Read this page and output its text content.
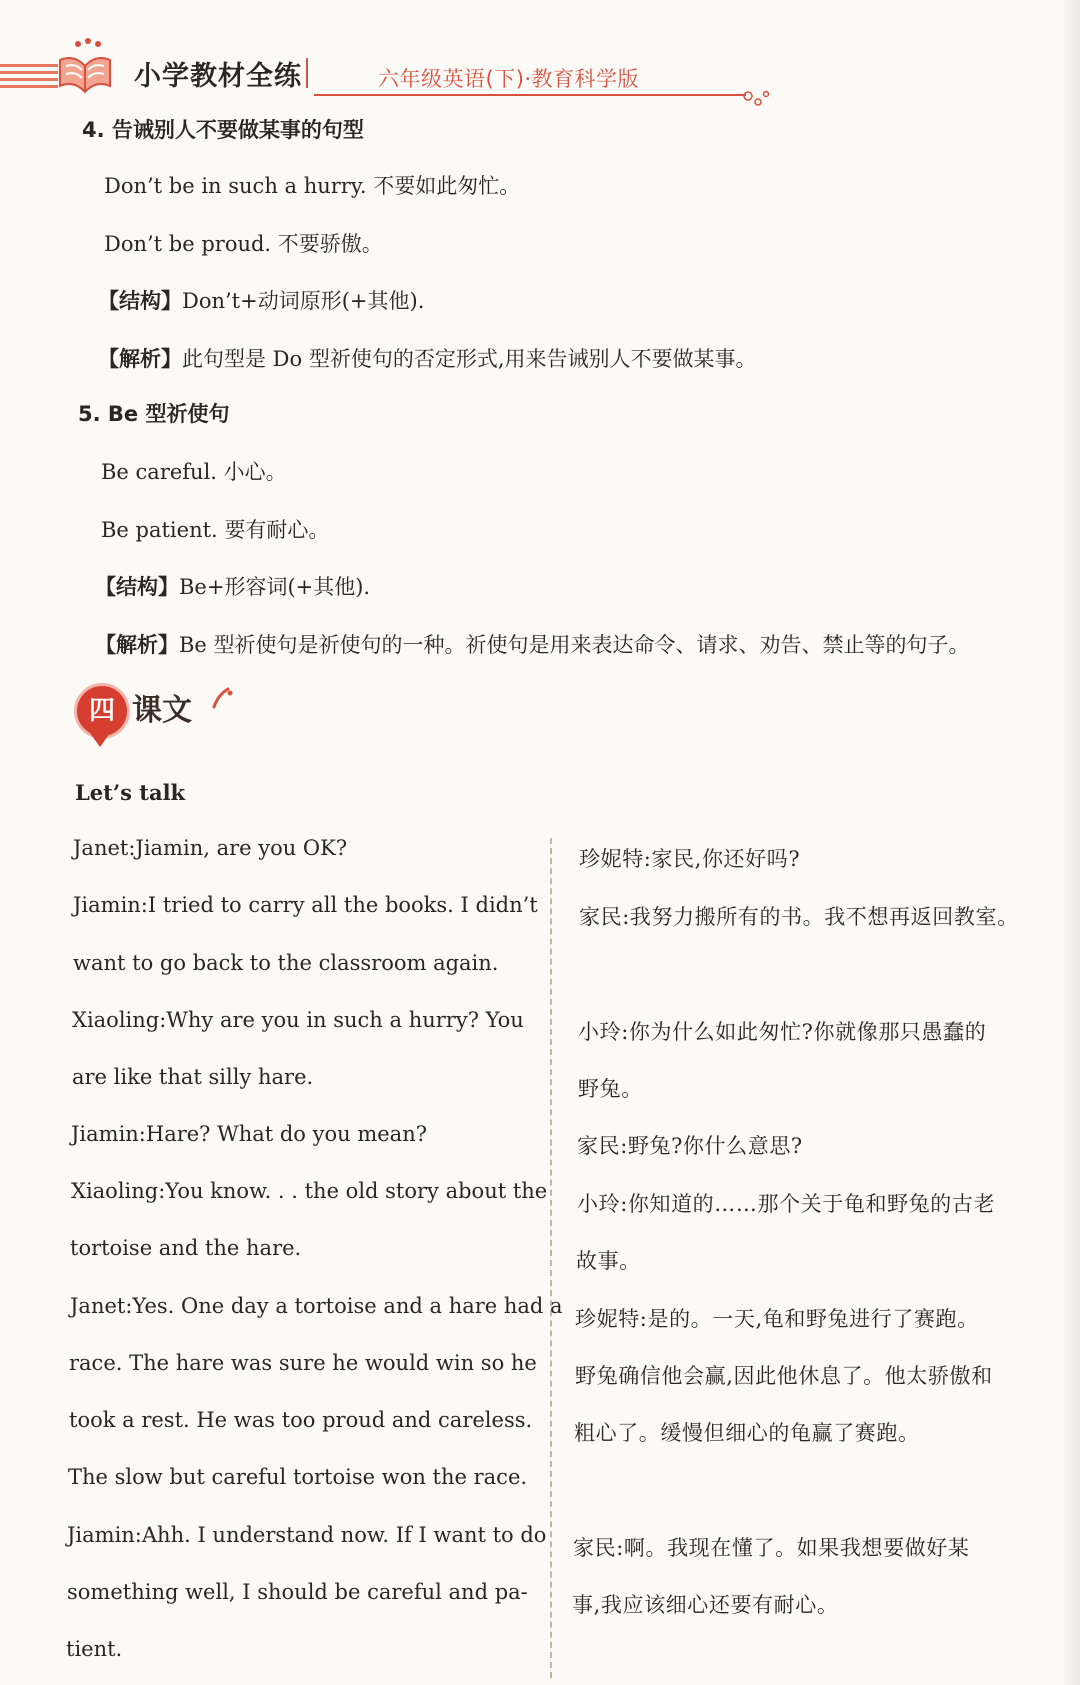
小学教材全练	六年级英语(下)·教育科学版
4. 告诫别人不要做某事的句型
Don’t be in such a hurry. 不要如此匆忙。
Don’t be proud. 不要骄傲。
【结构】Don’t+动词原形(+其他).
【解析】此句型是 Do 型祈使句的否定形式,用来告诫别人不要做某事。
5. Be 型祈使句
Be careful. 小心。
Be patient. 要有耐心。
【结构】Be+形容词(+其他).
【解析】Be 型祈使句是祈使句的一种。祈使句是用来表达命令、请求、劝告、禁止等的句子。
四 课文
Let’s talk
Janet:Jiamin, are you OK?
Jiamin:I tried to carry all the books. I didn’t
want to go back to the classroom again.
Xiaoling:Why are you in such a hurry? You
are like that silly hare.
Jiamin:Hare? What do you mean?
Xiaoling:You know. . . the old story about the
tortoise and the hare.
Janet:Yes. One day a tortoise and a hare had a
race. The hare was sure he would win so he
took a rest. He was too proud and careless.
The slow but careful tortoise won the race.
Jiamin:Ahh. I understand now. If I want to do
something well, I should be careful and pa-
tient.
珍妮特:家民,你还好吗?
家民:我努力搬所有的书。我不想再返回教室。
小玲:你为什么如此匆忙?你就像那只愚蠢的
野兔。
家民:野兔?你什么意思?
小玲:你知道的……那个关于龟和野兔的古老
故事。
珍妮特:是的。一天,龟和野兔进行了赛跑。
野兔确信他会赢,因此他休息了。他太骄傲和
粗心了。缓慢但细心的龟赢了赛跑。
家民:啊。我现在懂了。如果我想要做好某
事,我应该细心还要有耐心。
